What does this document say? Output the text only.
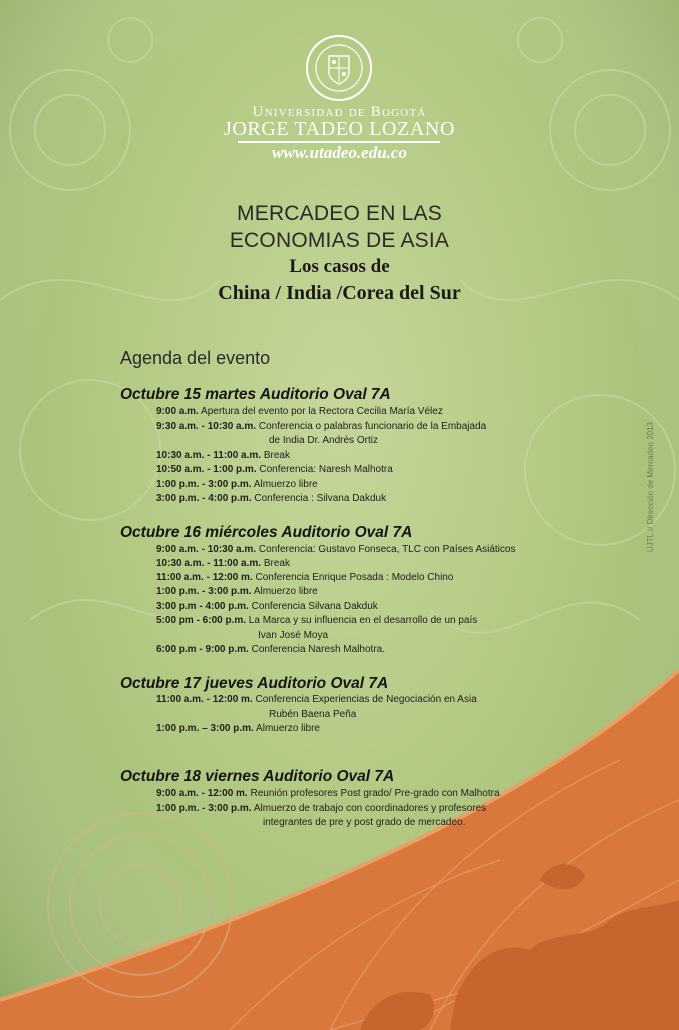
Universidad de Bogotá
JORGE TADEO LOZANO
www.utadeo.edu.co
MERCADEO EN LAS
ECONOMIAS DE ASIA
Los casos de
China / India /Corea del Sur
Agenda del evento
Octubre 15 martes Auditorio Oval 7A
9:00 a.m. Apertura del evento por la Rectora Cecilia María Vélez
9:30 a.m. - 10:30 a.m. Conferencia o palabras funcionario de la Embajada
de India Dr. Andrés Ortiz
10:30 a.m. - 11:00 a.m. Break
10:50 a.m. - 1:00 p.m. Conferencia: Naresh Malhotra
1:00 p.m. - 3:00 p.m. Almuerzo libre
3:00 p.m. - 4:00 p.m. Conferencia : Silvana Dakduk
Octubre 16 miércoles Auditorio Oval 7A
9:00 a.m. - 10:30 a.m. Conferencia: Gustavo Fonseca, TLC con Países Asiáticos
10:30 a.m. - 11:00 a.m. Break
11:00 a.m. - 12:00 m. Conferencia Enrique Posada : Modelo Chino
1:00 p.m. - 3:00 p.m. Almuerzo libre
3:00 p.m - 4:00 p.m. Conferencia Silvana Dakduk
5:00 pm - 6:00 p.m. La Marca y su influencia en el desarrollo de un país
Ivan José Moya
6:00 p.m - 9:00 p.m. Conferencia Naresh Malhotra.
Octubre 17 jueves Auditorio Oval 7A
11:00 a.m. - 12:00 m. Conferencia Experiencias de Negociación en Asia
Rubén Baena Peña
1:00 p.m. – 3:00 p.m. Almuerzo libre
Octubre 18 viernes Auditorio Oval 7A
9:00 a.m. - 12:00 m. Reunión profesores Post grado/ Pre-grado con Malhotra
1:00 p.m. - 3:00 p.m. Almuerzo de trabajo con coordinadores y profesores
integrantes de pre y post grado de mercadeo.
UJTL // Dirección de Mercadeo 2013
